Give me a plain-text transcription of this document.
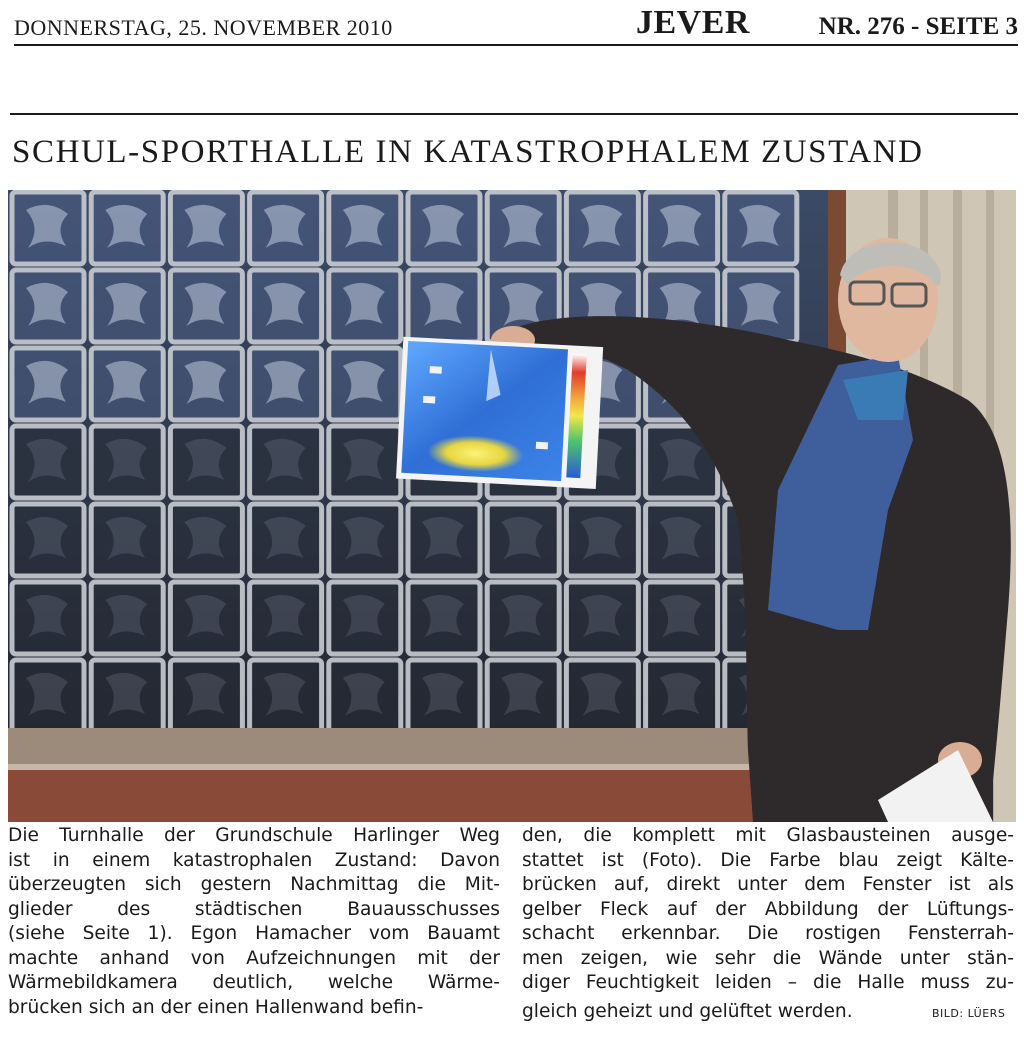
DONNERSTAG, 25. NOVEMBER 2010	JEVER	NR. 276 - SEITE 3
SCHUL-SPORTHALLE IN KATASTROPHALEM ZUSTAND
Die Turnhalle der Grundschule Harlinger Weg
ist in einem katastrophalen Zustand: Davon
überzeugten sich gestern Nachmittag die Mit-
glieder des städtischen Bauausschusses
(siehe Seite 1). Egon Hamacher vom Bauamt
machte anhand von Aufzeichnungen mit der
Wärmebildkamera deutlich, welche Wärme-
brücken sich an der einen Hallenwand befin-
den, die komplett mit Glasbausteinen ausge-
stattet ist (Foto). Die Farbe blau zeigt Kälte-
brücken auf, direkt unter dem Fenster ist als
gelber Fleck auf der Abbildung der Lüftungs-
schacht erkennbar. Die rostigen Fensterrah-
men zeigen, wie sehr die Wände unter stän-
diger Feuchtigkeit leiden – die Halle muss zu-
gleich geheizt und gelüftet werden.	BILD: LÜERS
